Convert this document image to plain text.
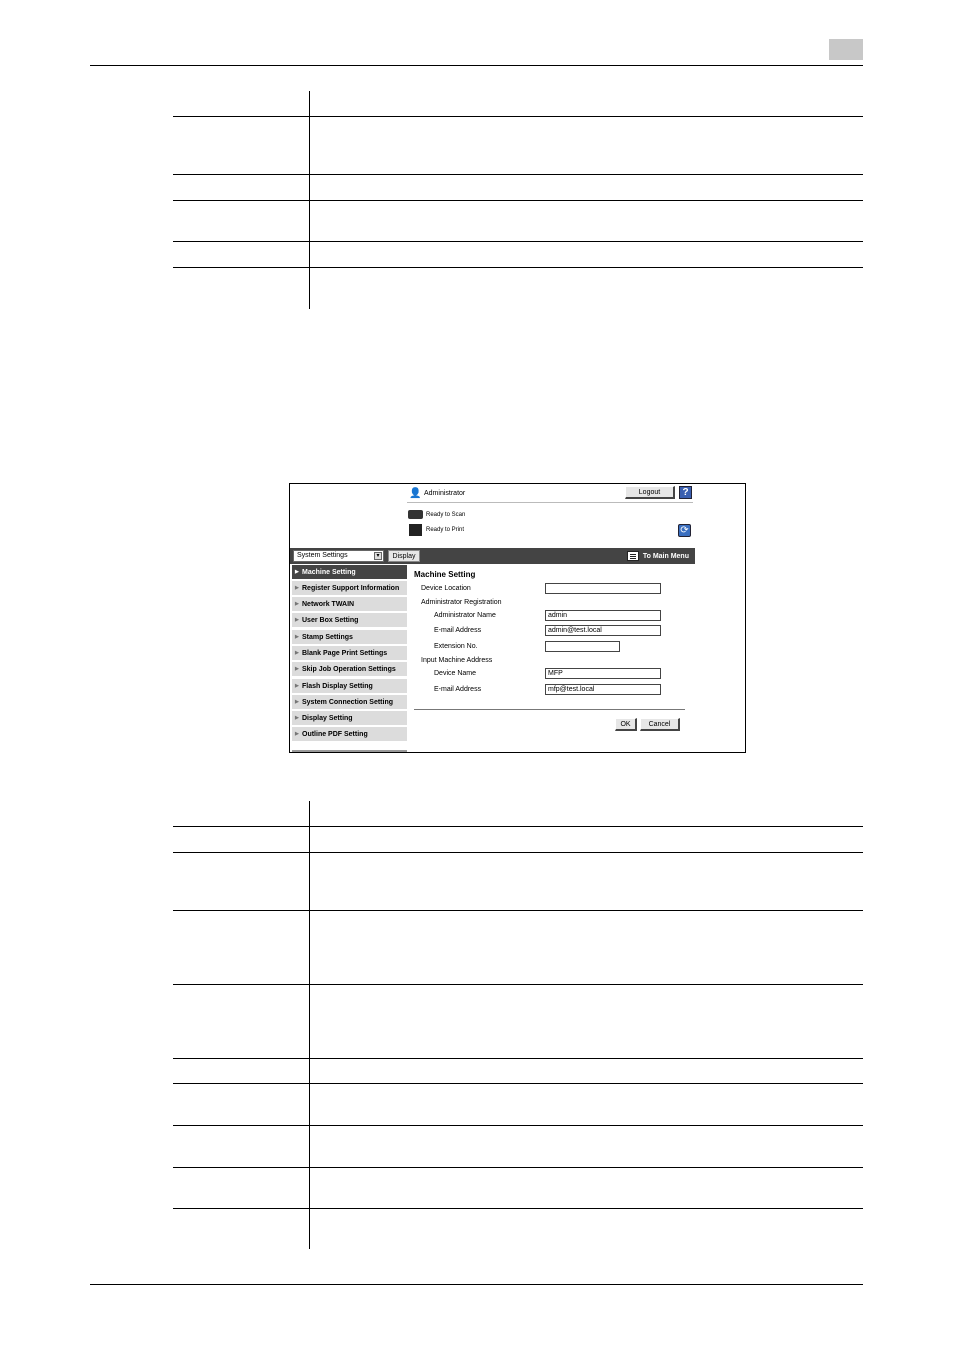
👤 Administrator	Logout	?
Ready to Scan
Ready to Print	⟳
System Settings	▾	Display	To Main Menu
▶ Machine Setting
▶ Register Support Information
▶ Network TWAIN
▶ User Box Setting
▶ Stamp Settings
▶ Blank Page Print Settings
▶ Skip Job Operation Settings
▶ Flash Display Setting
▶ System Connection Setting
▶ Display Setting
▶ Outline PDF Setting
Machine Setting
Device Location
Administrator Registration
Administrator Name	admin
E-mail Address	admin@test.local
Extension No.
Input Machine Address
Device Name	MFP
E-mail Address	mfp@test.local
OK	Cancel
